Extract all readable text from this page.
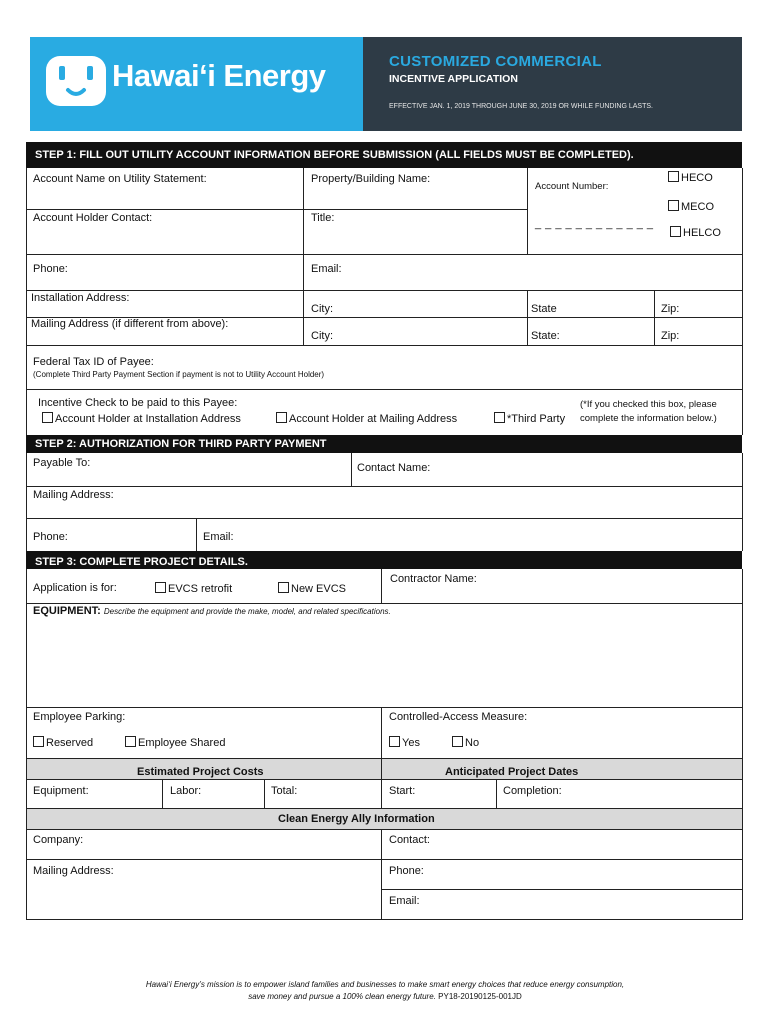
Hawai‘i Energy	CUSTOMIZED COMMERCIAL
INCENTIVE APPLICATION
EFFECTIVE JAN. 1, 2019 THROUGH JUNE 30, 2019 OR WHILE FUNDING LASTS.
STEP 1: FILL OUT UTILITY ACCOUNT INFORMATION BEFORE SUBMISSION (ALL FIELDS MUST BE COMPLETED).
Account Name on Utility Statement:	Property/Building Name:
Account Number:
_ _ _ _ _ _ _ _ _ _ _ _
HECO
MECO
HELCO
Account Holder Contact:	Title:
Phone:	Email:
Installation Address:
City:	State	Zip:
Mailing Address (if different from above):
City:	State:	Zip:
Federal Tax ID of Payee:
(Complete Third Party Payment Section if payment is not to Utility Account Holder)
Incentive Check to be paid to this Payee:
Account Holder at Installation Address	Account Holder at Mailing Address	*Third Party
(*If you checked this box, please
complete the information below.)
STEP 2: AUTHORIZATION FOR THIRD PARTY PAYMENT
Payable To:	Contact Name:
Mailing Address:
Phone:	Email:
STEP 3: COMPLETE PROJECT DETAILS.
Application is for:	EVCS retrofit	New EVCS
Contractor Name:
EQUIPMENT: Describe the equipment and provide the make, model, and related specifications.
Employee Parking:
Reserved	Employee Shared
Controlled-Access Measure:
Yes	No
Estimated Project Costs	Anticipated Project Dates
Equipment:	Labor:	Total:	Start:	Completion:
Clean Energy Ally Information
Company:	Contact:
Mailing Address:	Phone:
Email:
Hawai‘i Energy’s mission is to empower island families and businesses to make smart energy choices that reduce energy consumption,
save money and pursue a 100% clean energy future. PY18-20190125-001JD
